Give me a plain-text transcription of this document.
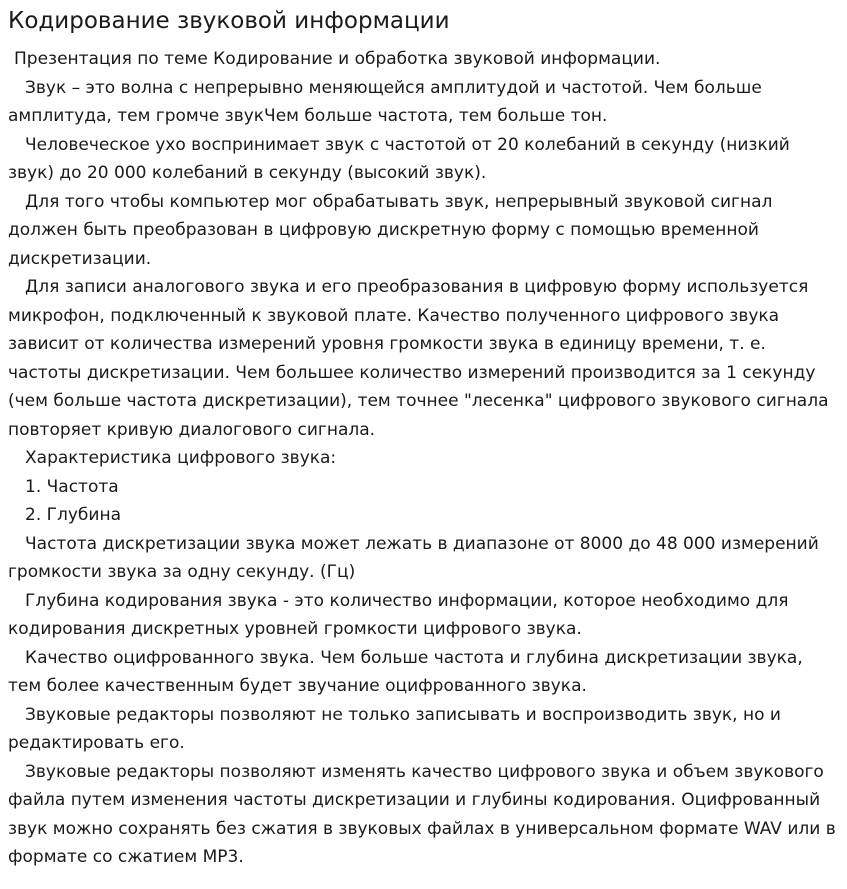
Кодирование звуковой информации

Презентация по теме Кодирование и обработка звуковой информации.

Звук – это волна с непрерывно меняющейся амплитудой и частотой. Чем больше амплитуда, тем громче звукЧем больше частота, тем больше тон.

Человеческое ухо воспринимает звук с частотой от 20 колебаний в секунду (низкий звук) до 20 000 колебаний в секунду (высокий звук).

Для того чтобы компьютер мог обрабатывать звук, непрерывный звуковой сигнал должен быть преобразован в цифровую дискретную форму с помощью временной дискретизации.

Для записи аналогового звука и его преобразования в цифровую форму используется микрофон, подключенный к звуковой плате. Качество полученного цифрового звука зависит от количества измерений уровня громкости звука в единицу времени, т. е. частоты дискретизации. Чем большее количество измерений производится за 1 секунду (чем больше частота дискретизации), тем точнее "лесенка" цифрового звукового сигнала повторяет кривую диалогового сигнала.

Характеристика цифрового звука:

1. Частота

2. Глубина

Частота дискретизации звука может лежать в диапазоне от 8000 до 48 000 измерений громкости звука за одну секунду. (Гц)

Глубина кодирования звука - это количество информации, которое необходимо для кодирования дискретных уровней громкости цифрового звука.

Качество оцифрованного звука. Чем больше частота и глубина дискретизации звука, тем более качественным будет звучание оцифрованного звука.

Звуковые редакторы позволяют не только записывать и воспроизводить звук, но и редактировать его.

Звуковые редакторы позволяют изменять качество цифрового звука и объем звукового файла путем изменения частоты дискретизации и глубины кодирования. Оцифрованный звук можно сохранять без сжатия в звуковых файлах в универсальном формате WAV или в формате со сжатием MP3.
